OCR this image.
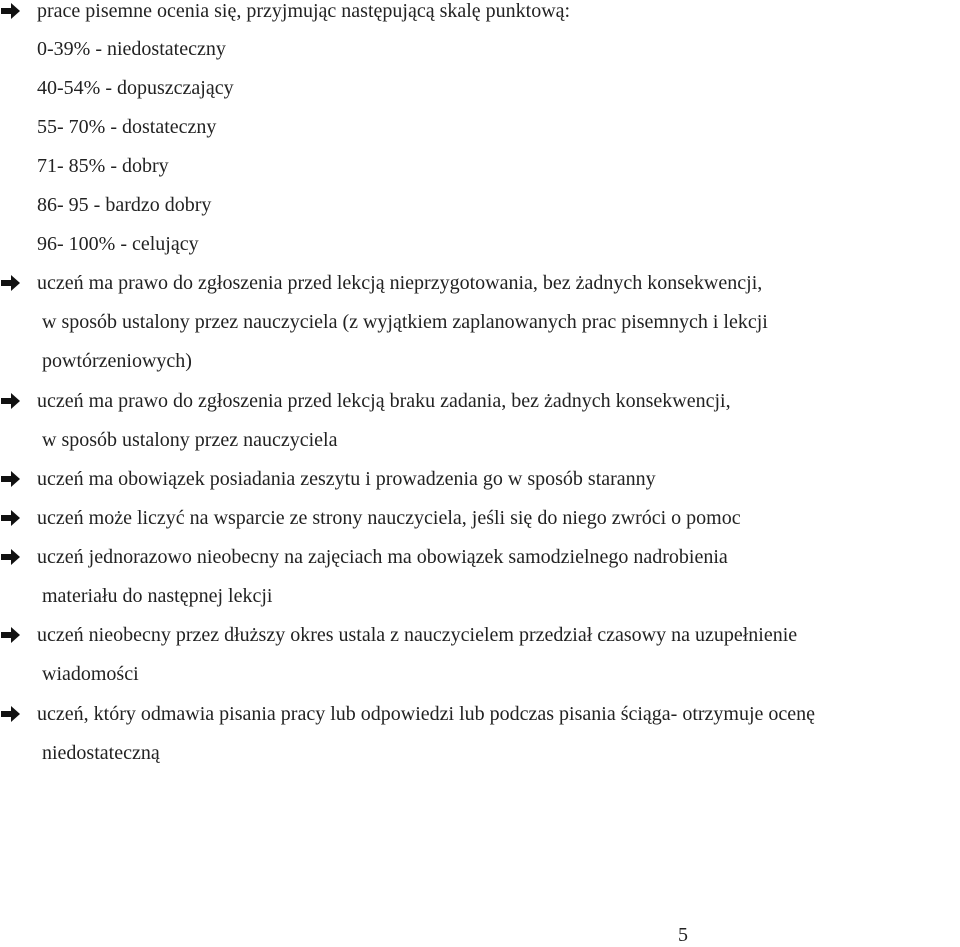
prace pisemne ocenia się, przyjmując następującą skalę punktową:
0-39% - niedostateczny
40-54% - dopuszczający
55- 70% - dostateczny
71- 85% - dobry
86- 95 - bardzo dobry
96- 100% - celujący
uczeń ma prawo do zgłoszenia przed lekcją nieprzygotowania, bez żadnych konsekwencji,
w sposób ustalony przez nauczyciela (z wyjątkiem zaplanowanych prac pisemnych i lekcji
powtórzeniowych)
uczeń ma prawo do zgłoszenia przed lekcją braku zadania, bez żadnych konsekwencji,
w sposób ustalony przez nauczyciela
uczeń ma obowiązek posiadania zeszytu i prowadzenia go w sposób staranny
uczeń może liczyć na wsparcie ze strony nauczyciela, jeśli się do niego zwróci o pomoc
uczeń jednorazowo nieobecny na zajęciach ma obowiązek samodzielnego nadrobienia
materiału do następnej lekcji
uczeń nieobecny przez dłuższy okres ustala z nauczycielem przedział czasowy na uzupełnienie
wiadomości
uczeń, który odmawia pisania pracy lub odpowiedzi lub podczas pisania ściąga- otrzymuje ocenę
niedostateczną
5
